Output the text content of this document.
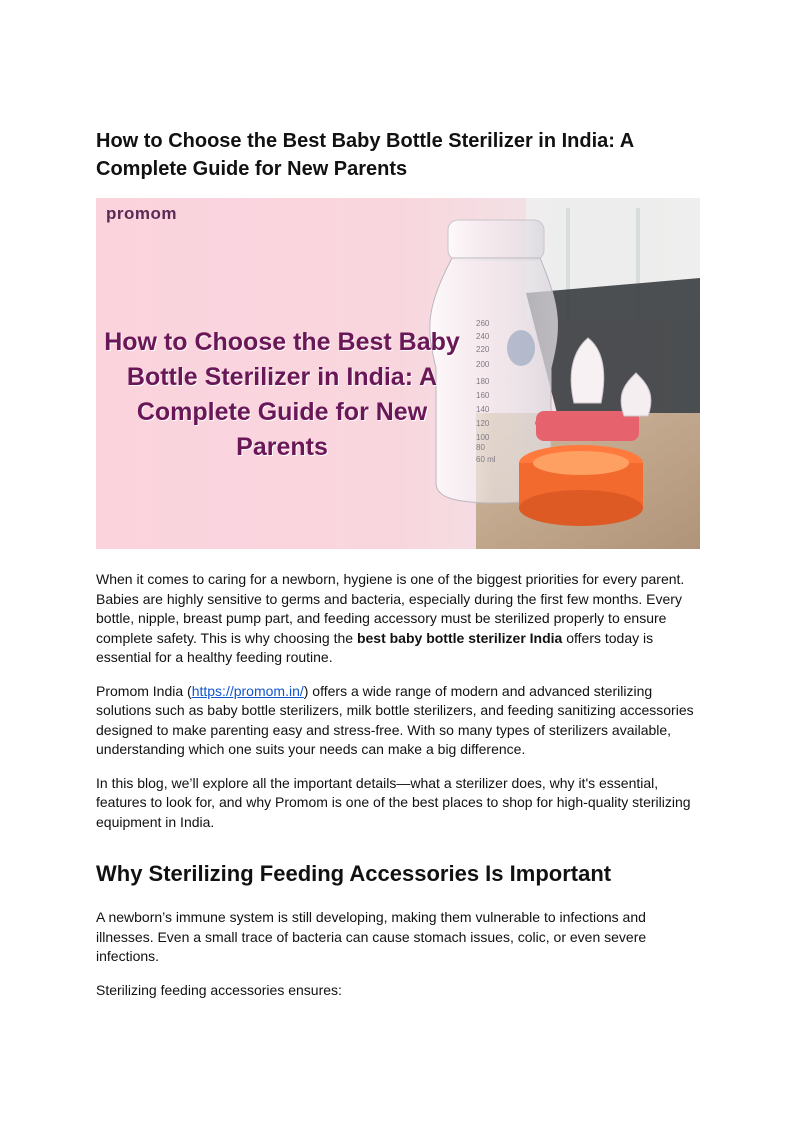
How to Choose the Best Baby Bottle Sterilizer in India: A Complete Guide for New Parents
260
240
220
200
180
160
140
120
100
80
60 ml
promom
How to Choose the Best Baby Bottle Sterilizer in India: A Complete Guide for New Parents

When it comes to caring for a newborn, hygiene is one of the biggest priorities for every parent. Babies are highly sensitive to germs and bacteria, especially during the first few months. Every bottle, nipple, breast pump part, and feeding accessory must be sterilized properly to ensure complete safety. This is why choosing the best baby bottle sterilizer India offers today is essential for a healthy feeding routine.

Promom India (https://promom.in/) offers a wide range of modern and advanced sterilizing solutions such as baby bottle sterilizers, milk bottle sterilizers, and feeding sanitizing accessories designed to make parenting easy and stress-free. With so many types of sterilizers available, understanding which one suits your needs can make a big difference.

In this blog, we’ll explore all the important details—what a sterilizer does, why it's essential, features to look for, and why Promom is one of the best places to shop for high-quality sterilizing equipment in India.

Why Sterilizing Feeding Accessories Is Important

A newborn’s immune system is still developing, making them vulnerable to infections and illnesses. Even a small trace of bacteria can cause stomach issues, colic, or even severe infections.

Sterilizing feeding accessories ensures:
